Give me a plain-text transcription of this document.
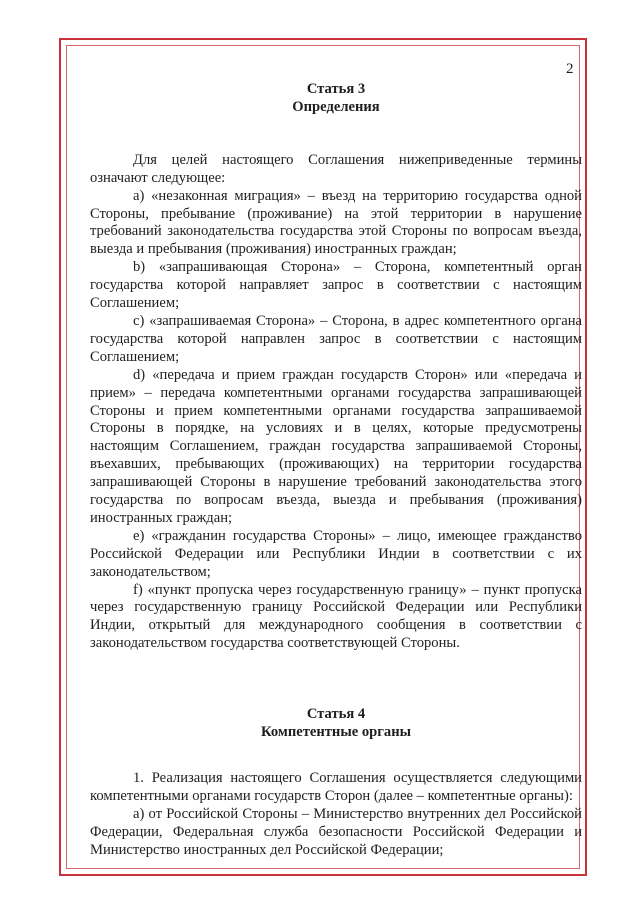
2
Статья 3
Определения

Для целей настоящего Соглашения нижеприведенные термины означают следующее:

a) «незаконная миграция» – въезд на территорию государства одной Стороны, пребывание (проживание) на этой территории в нарушение требований законодательства государства этой Стороны по вопросам въезда, выезда и пребывания (проживания) иностранных граждан;

b) «запрашивающая Сторона» – Сторона, компетентный орган государства которой направляет запрос в соответствии с настоящим Соглашением;

c) «запрашиваемая Сторона» – Сторона, в адрес компетентного органа государства которой направлен запрос в соответствии с настоящим Соглашением;

d) «передача и прием граждан государств Сторон» или «передача и прием» – передача компетентными органами государства запрашивающей Стороны и прием компетентными органами государства запрашиваемой Стороны в порядке, на условиях и в целях, которые предусмотрены настоящим Соглашением, граждан государства запрашиваемой Стороны, въехавших, пребывающих (проживающих) на территории государства запрашивающей Стороны в нарушение требований законодательства этого государства по вопросам въезда, выезда и пребывания (проживания) иностранных граждан;

e) «гражданин государства Стороны» – лицо, имеющее гражданство Российской Федерации или Республики Индии в соответствии с их законодательством;

f) «пункт пропуска через государственную границу» – пункт пропуска через государственную границу Российской Федерации или Республики Индии, открытый для международного сообщения в соответствии с законодательством государства соответствующей Стороны.

Статья 4
Компетентные органы

1. Реализация настоящего Соглашения осуществляется следующими компетентными органами государств Сторон (далее – компетентные органы):

a) от Российской Стороны – Министерство внутренних дел Российской Федерации, Федеральная служба безопасности Российской Федерации и Министерство иностранных дел Российской Федерации;
